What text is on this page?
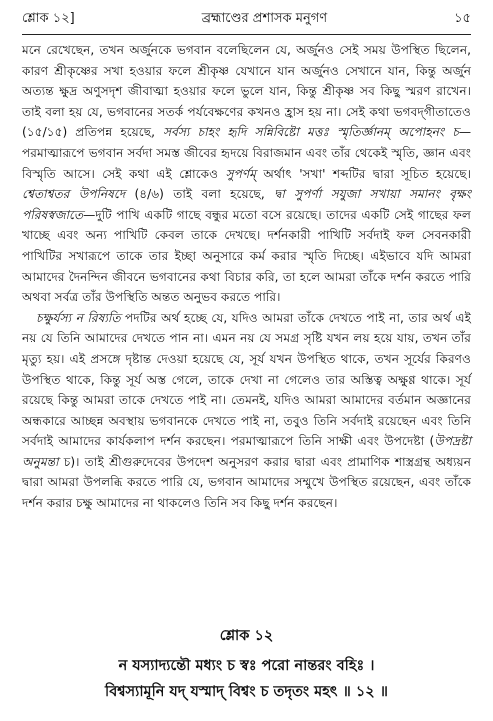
শ্লোক ১২]	ব্রহ্মাণ্ডের প্রশাসক মনুগণ	১৫

মনে রেখেছেন, তখন অর্জুনকে ভগবান বলেছিলেন যে, অর্জুনও সেই সময় উপস্থিত ছিলেন, কারণ শ্রীকৃষ্ণের সখা হওয়ার ফলে শ্রীকৃষ্ণ যেখানে যান অর্জুনও সেখানে যান, কিন্তু অর্জুন অত্যন্ত ক্ষুদ্র অণুসদৃশ জীবাত্মা হওয়ার ফলে ভুলে যান, কিন্তু শ্রীকৃষ্ণ সব কিছু স্মরণ রাখেন। তাই বলা হয় যে, ভগবানের সতর্ক পর্যবেক্ষণের কখনও হ্রাস হয় না। সেই কথা ভগবদ্‌গীতাতেও (১৫/১৫) প্রতিপন্ন হয়েছে, সর্বস্য চাহং হৃদি সন্নিবিষ্টো মত্তঃ স্মৃতির্জ্ঞানম্ অপোহনং চ—পরমাত্মারূপে ভগবান সর্বদা সমস্ত জীবের হৃদয়ে বিরাজমান এবং তাঁর থেকেই স্মৃতি, জ্ঞান এবং বিস্মৃতি আসে। সেই কথা এই শ্লোকেও সুপর্ণম্ অর্থাৎ 'সখা' শব্দটির দ্বারা সূচিত হয়েছে। শ্বেতাশ্বতর উপনিষদে (৪/৬) তাই বলা হয়েছে, দ্বা সুপর্ণা সযুজা সখায়া সমানং বৃক্ষং পরিষস্বজাতে—দুটি পাখি একটি গাছে বন্ধুর মতো বসে রয়েছে। তাদের একটি সেই গাছের ফল খাচ্ছে এবং অন্য পাখিটি কেবল তাকে দেখছে। দর্শনকারী পাখিটি সর্বদাই ফল সেবনকারী পাখিটির সখারূপে তাকে তার ইচ্ছা অনুসারে কর্ম করার স্মৃতি দিচ্ছে। এইভাবে যদি আমরা আমাদের দৈনন্দিন জীবনে ভগবানের কথা বিচার করি, তা হলে আমরা তাঁকে দর্শন করতে পারি অথবা সর্বত্র তাঁর উপস্থিতি অন্তত অনুভব করতে পারি।

চক্ষুর্যস্য ন রিষ্যতি পদটির অর্থ হচ্ছে যে, যদিও আমরা তাঁকে দেখতে পাই না, তার অর্থ এই নয় যে তিনি আমাদের দেখতে পান না। এমন নয় যে সমগ্র সৃষ্টি যখন লয় হয়ে যায়, তখন তাঁর মৃত্যু হয়। এই প্রসঙ্গে দৃষ্টান্ত দেওয়া হয়েছে যে, সূর্য যখন উপস্থিত থাকে, তখন সূর্যের কিরণও উপস্থিত থাকে, কিন্তু সূর্য অস্ত গেলে, তাকে দেখা না গেলেও তার অস্তিত্ব অক্ষুণ্ণ থাকে। সূর্য রয়েছে কিন্তু আমরা তাকে দেখতে পাই না। তেমনই, যদিও আমরা আমাদের বর্তমান অজ্ঞানের অন্ধকারে আচ্ছন্ন অবস্থায় ভগবানকে দেখতে পাই না, তবুও তিনি সর্বদাই রয়েছেন এবং তিনি সর্বদাই আমাদের কার্যকলাপ দর্শন করছেন। পরমাত্মারূপে তিনি সাক্ষী এবং উপদেষ্টা (উপদ্রষ্টা অনুমন্তা চ)। তাই শ্রীগুরুদেবের উপদেশ অনুসরণ করার দ্বারা এবং প্রামাণিক শাস্ত্রগ্রন্থ অধ্যয়ন দ্বারা আমরা উপলব্ধি করতে পারি যে, ভগবান আমাদের সম্মুখে উপস্থিত রয়েছেন, এবং তাঁকে দর্শন করার চক্ষু আমাদের না থাকলেও তিনি সব কিছু দর্শন করছেন।

শ্লোক ১২
ন যস্যাদ্যন্তৌ মধ্যং চ স্বঃ পরো নান্তরং বহিঃ ।
বিশ্বস্যামূনি যদ্ যস্মাদ্ বিশ্বং চ তদৃতং মহৎ ॥ ১২ ॥
